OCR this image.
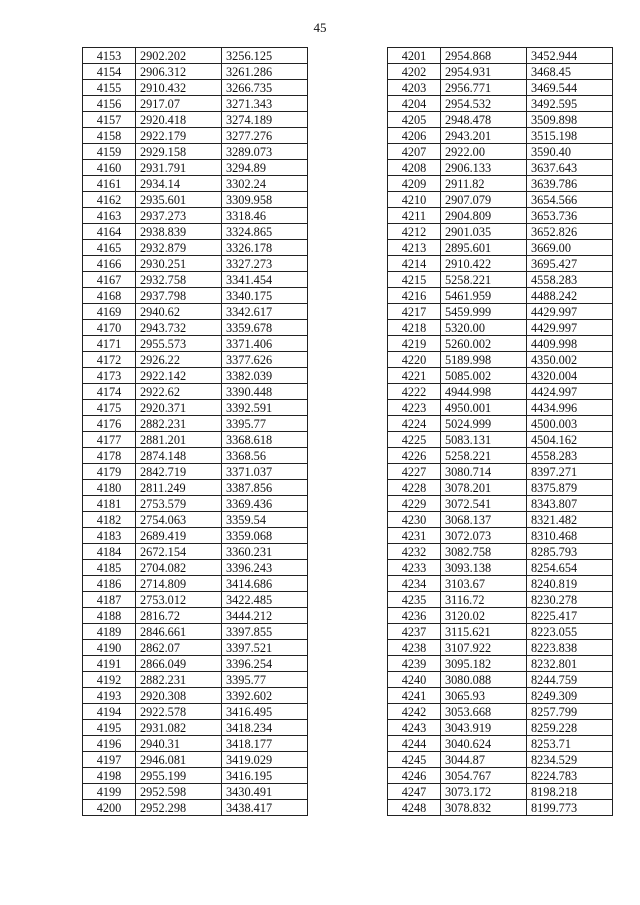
45
4153	2902.202	3256.125
4154	2906.312	3261.286
4155	2910.432	3266.735
4156	2917.07	3271.343
4157	2920.418	3274.189
4158	2922.179	3277.276
4159	2929.158	3289.073
4160	2931.791	3294.89
4161	2934.14	3302.24
4162	2935.601	3309.958
4163	2937.273	3318.46
4164	2938.839	3324.865
4165	2932.879	3326.178
4166	2930.251	3327.273
4167	2932.758	3341.454
4168	2937.798	3340.175
4169	2940.62	3342.617
4170	2943.732	3359.678
4171	2955.573	3371.406
4172	2926.22	3377.626
4173	2922.142	3382.039
4174	2922.62	3390.448
4175	2920.371	3392.591
4176	2882.231	3395.77
4177	2881.201	3368.618
4178	2874.148	3368.56
4179	2842.719	3371.037
4180	2811.249	3387.856
4181	2753.579	3369.436
4182	2754.063	3359.54
4183	2689.419	3359.068
4184	2672.154	3360.231
4185	2704.082	3396.243
4186	2714.809	3414.686
4187	2753.012	3422.485
4188	2816.72	3444.212
4189	2846.661	3397.855
4190	2862.07	3397.521
4191	2866.049	3396.254
4192	2882.231	3395.77
4193	2920.308	3392.602
4194	2922.578	3416.495
4195	2931.082	3418.234
4196	2940.31	3418.177
4197	2946.081	3419.029
4198	2955.199	3416.195
4199	2952.598	3430.491
4200	2952.298	3438.417
4201	2954.868	3452.944
4202	2954.931	3468.45
4203	2956.771	3469.544
4204	2954.532	3492.595
4205	2948.478	3509.898
4206	2943.201	3515.198
4207	2922.00	3590.40
4208	2906.133	3637.643
4209	2911.82	3639.786
4210	2907.079	3654.566
4211	2904.809	3653.736
4212	2901.035	3652.826
4213	2895.601	3669.00
4214	2910.422	3695.427
4215	5258.221	4558.283
4216	5461.959	4488.242
4217	5459.999	4429.997
4218	5320.00	4429.997
4219	5260.002	4409.998
4220	5189.998	4350.002
4221	5085.002	4320.004
4222	4944.998	4424.997
4223	4950.001	4434.996
4224	5024.999	4500.003
4225	5083.131	4504.162
4226	5258.221	4558.283
4227	3080.714	8397.271
4228	3078.201	8375.879
4229	3072.541	8343.807
4230	3068.137	8321.482
4231	3072.073	8310.468
4232	3082.758	8285.793
4233	3093.138	8254.654
4234	3103.67	8240.819
4235	3116.72	8230.278
4236	3120.02	8225.417
4237	3115.621	8223.055
4238	3107.922	8223.838
4239	3095.182	8232.801
4240	3080.088	8244.759
4241	3065.93	8249.309
4242	3053.668	8257.799
4243	3043.919	8259.228
4244	3040.624	8253.71
4245	3044.87	8234.529
4246	3054.767	8224.783
4247	3073.172	8198.218
4248	3078.832	8199.773
